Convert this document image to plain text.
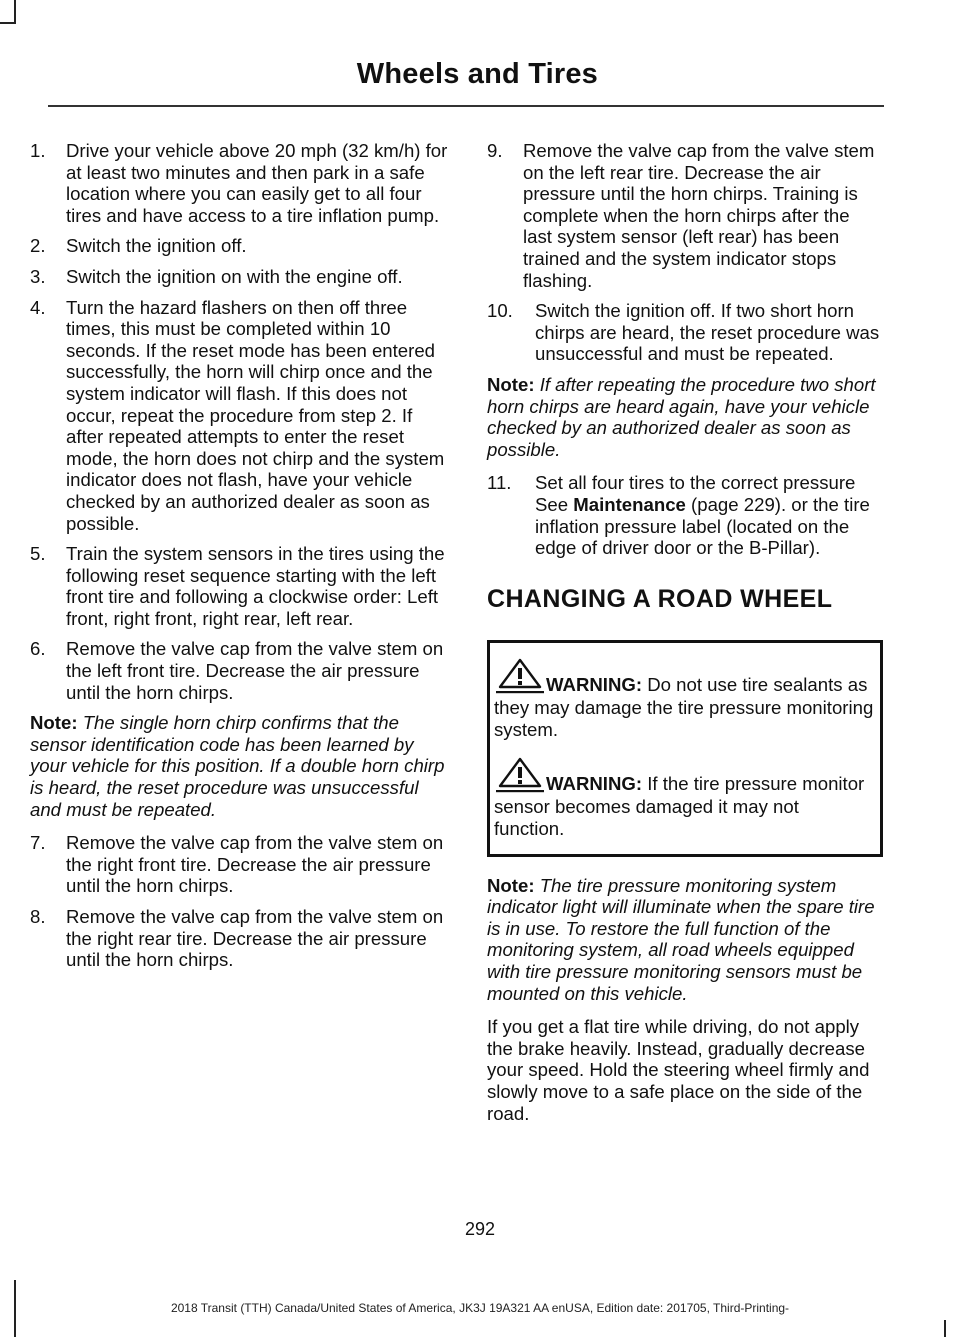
Wheels and Tires
1.	Drive your vehicle above 20 mph (32 km/h) for at least two minutes and then park in a safe location where you can easily get to all four tires and have access to a tire inflation pump.
2.	Switch the ignition off.
3.	Switch the ignition on with the engine off.
4.	Turn the hazard flashers on then off three times, this must be completed within 10 seconds. If the reset mode has been entered successfully, the horn will chirp once and the system indicator will flash. If this does not occur, repeat the procedure from step 2. If after repeated attempts to enter the reset mode, the horn does not chirp and the system indicator does not flash, have your vehicle checked by an authorized dealer as soon as possible.
5.	Train the system sensors in the tires using the following reset sequence starting with the left front tire and following a clockwise order: Left front, right front, right rear, left rear.
6.	Remove the valve cap from the valve stem on the left front tire. Decrease the air pressure until the horn chirps.
Note: The single horn chirp confirms that the sensor identification code has been learned by your vehicle for this position. If a double horn chirp is heard, the reset procedure was unsuccessful and must be repeated.
7.	Remove the valve cap from the valve stem on the right front tire. Decrease the air pressure until the horn chirps.
8.	Remove the valve cap from the valve stem on the right rear tire. Decrease the air pressure until the horn chirps.
9.	Remove the valve cap from the valve stem on the left rear tire. Decrease the air pressure until the horn chirps. Training is complete when the horn chirps after the last system sensor (left rear) has been trained and the system indicator stops flashing.
10.	Switch the ignition off. If two short horn chirps are heard, the reset procedure was unsuccessful and must be repeated.
Note: If after repeating the procedure two short horn chirps are heard again, have your vehicle checked by an authorized dealer as soon as possible.
11.	Set all four tires to the correct pressure See Maintenance (page 229). or the tire inflation pressure label (located on the edge of driver door or the B-Pillar).
CHANGING A ROAD WHEEL
WARNING: Do not use tire sealants as they may damage the tire pressure monitoring system.
WARNING: If the tire pressure monitor sensor becomes damaged it may not function.
Note: The tire pressure monitoring system indicator light will illuminate when the spare tire is in use. To restore the full function of the monitoring system, all road wheels equipped with tire pressure monitoring sensors must be mounted on this vehicle.
If you get a flat tire while driving, do not apply the brake heavily. Instead, gradually decrease your speed. Hold the steering wheel firmly and slowly move to a safe place on the side of the road.
292
2018 Transit (TTH) Canada/United States of America, JK3J 19A321 AA enUSA, Edition date: 201705, Third-Printing-
